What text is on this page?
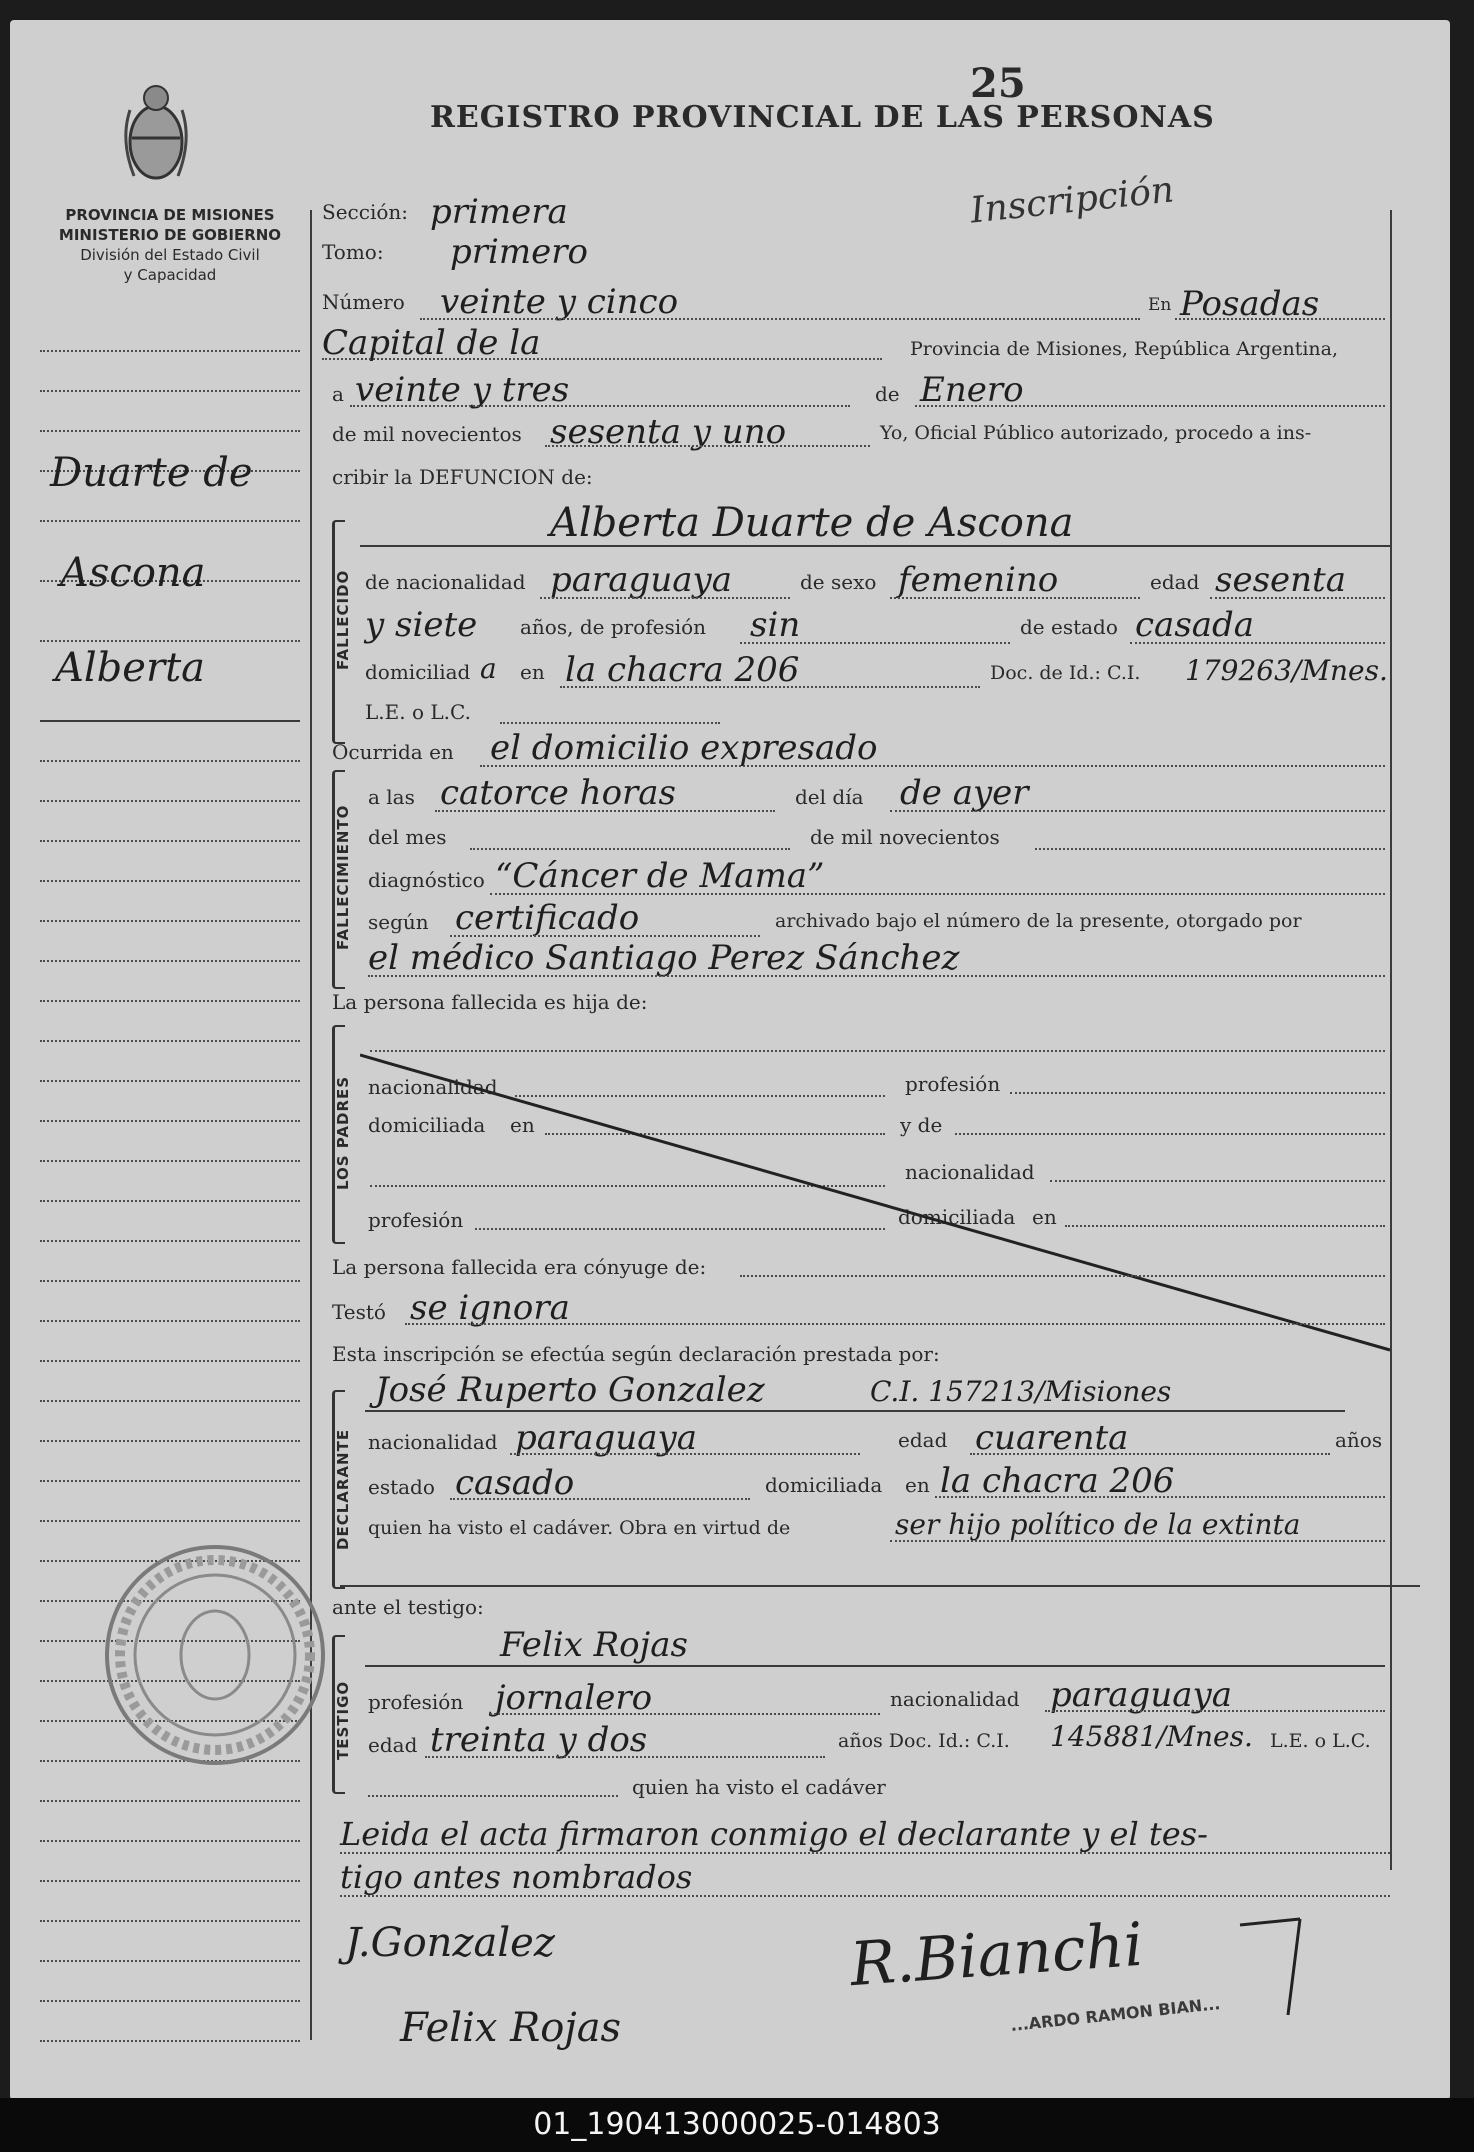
25
REGISTRO PROVINCIAL DE LAS PERSONAS
Inscripción
PROVINCIA DE MISIONES
MINISTERIO DE GOBIERNO
División del Estado Civil
y Capacidad
Duarte de
Ascona
Alberta
Sección: primera
Tomo: primero
Número veinte y cinco	En Posadas
Capital de la	Provincia de Misiones, República Argentina,
a veinte y tres	de Enero
de mil novecientos sesenta y uno	Yo, Oficial Público autorizado, procedo a ins-
cribir la DEFUNCION de:
FALLECIDO
Alberta Duarte de Ascona
de nacionalidad paraguaya	de sexo femenino	edad sesenta
y siete años, de profesión sin	de estado casada
domiciliad a en la chacra 206	Doc. de Id.: C.I. 179263/Mnes.
L.E. o L.C.
Ocurrida en el domicilio expresado
FALLECIMIENTO
a las catorce horas	del día de ayer
del mes	de mil novecientos
diagnóstico “Cáncer de Mama”
según certificado	archivado bajo el número de la presente, otorgado por
el médico Santiago Perez Sánchez
La persona fallecida es hija de:
LOS PADRES nacionalidad	profesión
domiciliada en	y de
nacionalidad
profesión	domiciliada en
La persona fallecida era cónyuge de:
Testó se ignora
Esta inscripción se efectúa según declaración prestada por:
DECLARANTE
José Ruperto Gonzalez	C.I. 157213/Misiones
nacionalidad paraguaya	edad cuarenta	años
estado casado	domiciliada en la chacra 206
quien ha visto el cadáver. Obra en virtud de	ser hijo político de la extinta
ante el testigo:
TESTIGO
Felix Rojas
profesión jornalero	nacionalidad paraguaya
edad treinta y dos	años Doc. Id.: C.I. 145881/Mnes. L.E. o L.C.
quien ha visto el cadáver
Leida el acta firmaron conmigo el declarante y el tes-
tigo antes nombrados
J.Gonzalez
Felix Rojas
R.Bianchi
...ARDO RAMON BIAN...
01_190413000025-014803
